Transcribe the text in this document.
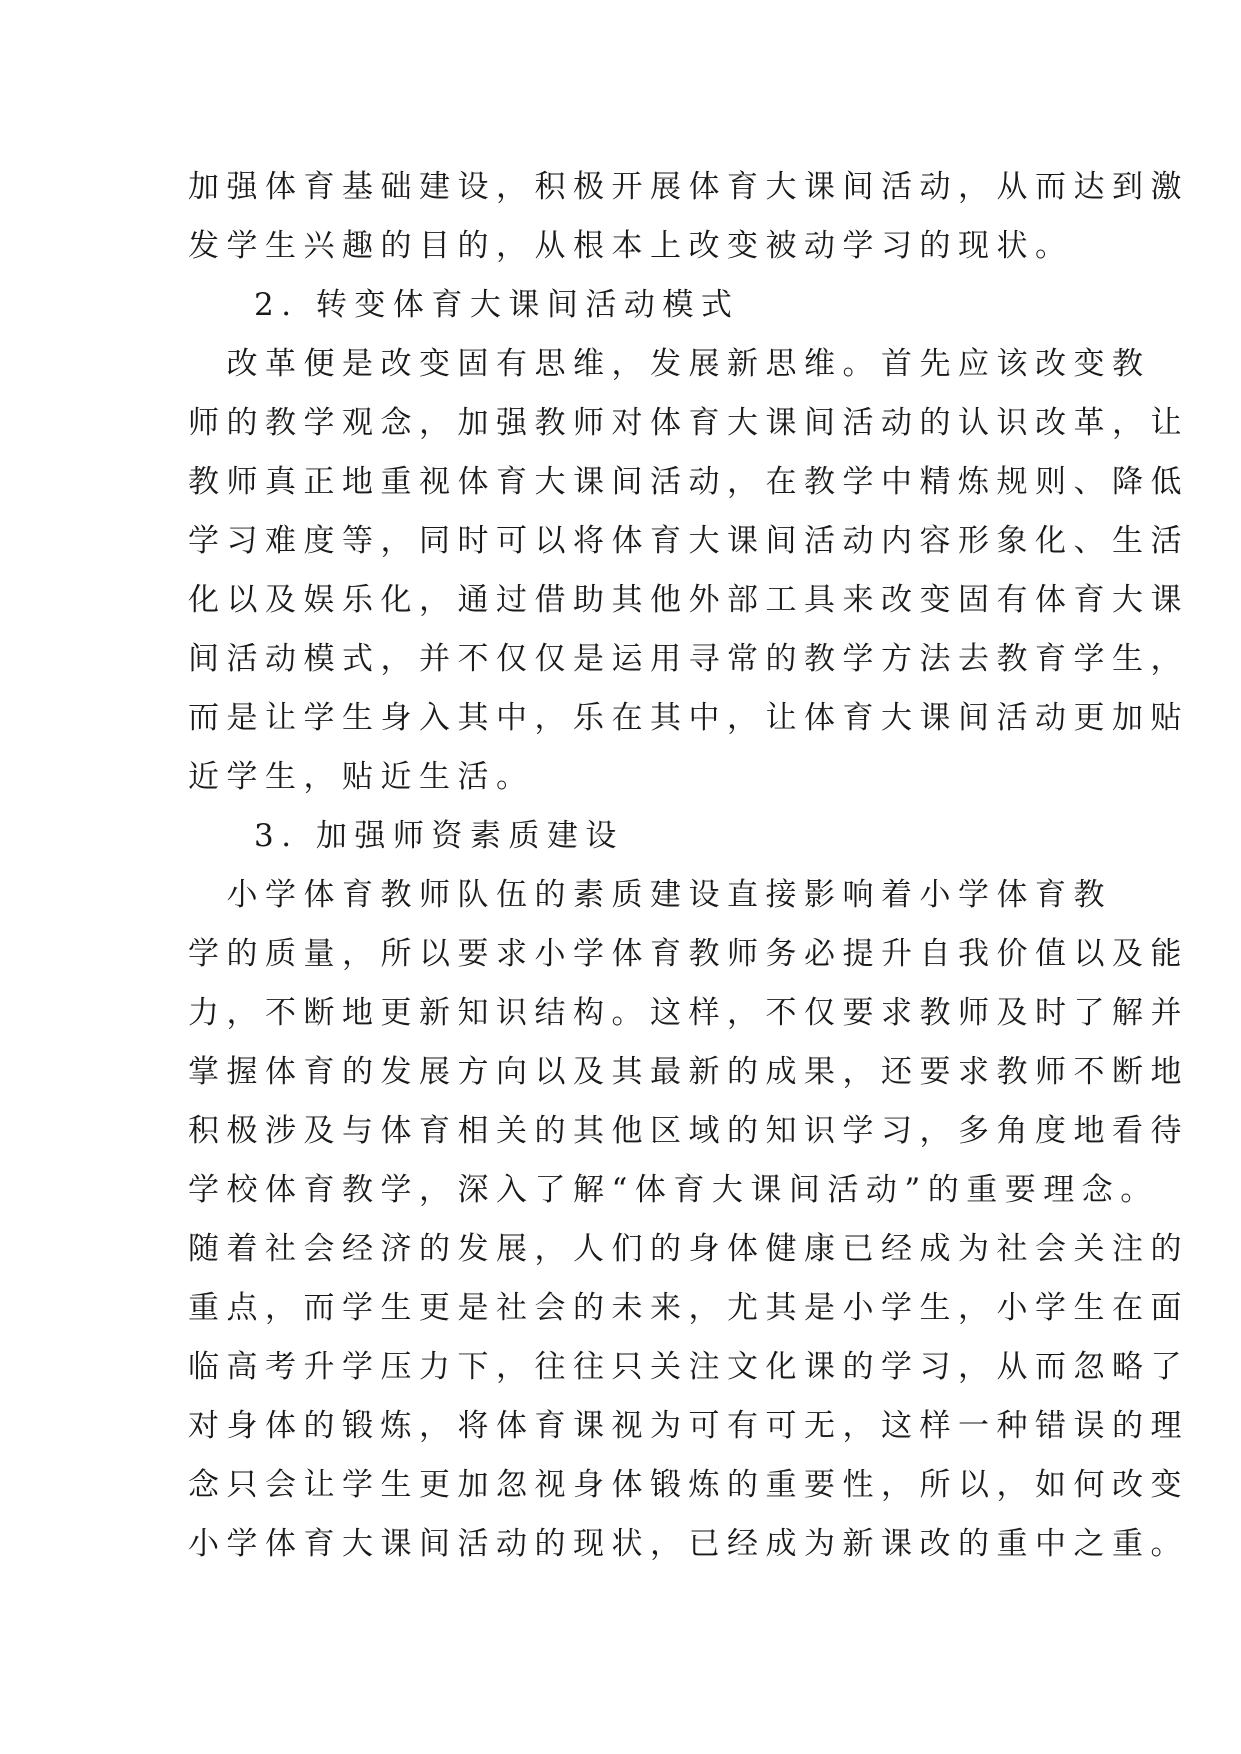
加强体育基础建设，积极开展体育大课间活动，从而达到激

发学生兴趣的目的，从根本上改变被动学习的现状。

2. 转变体育大课间活动模式

　改革便是改变固有思维，发展新思维。首先应该改变教

师的教学观念，加强教师对体育大课间活动的认识改革，让

教师真正地重视体育大课间活动，在教学中精炼规则、降低

学习难度等，同时可以将体育大课间活动内容形象化、生活

化以及娱乐化，通过借助其他外部工具来改变固有体育大课

间活动模式，并不仅仅是运用寻常的教学方法去教育学生，

而是让学生身入其中，乐在其中，让体育大课间活动更加贴

近学生，贴近生活。

3. 加强师资素质建设

　小学体育教师队伍的素质建设直接影响着小学体育教

学的质量，所以要求小学体育教师务必提升自我价值以及能

力，不断地更新知识结构。这样，不仅要求教师及时了解并

掌握体育的发展方向以及其最新的成果，还要求教师不断地

积极涉及与体育相关的其他区域的知识学习，多角度地看待

学校体育教学，深入了解“体育大课间活动”的重要理念。

随着社会经济的发展，人们的身体健康已经成为社会关注的

重点，而学生更是社会的未来，尤其是小学生，小学生在面

临高考升学压力下，往往只关注文化课的学习，从而忽略了

对身体的锻炼，将体育课视为可有可无，这样一种错误的理

念只会让学生更加忽视身体锻炼的重要性，所以，如何改变

小学体育大课间活动的现状，已经成为新课改的重中之重。
